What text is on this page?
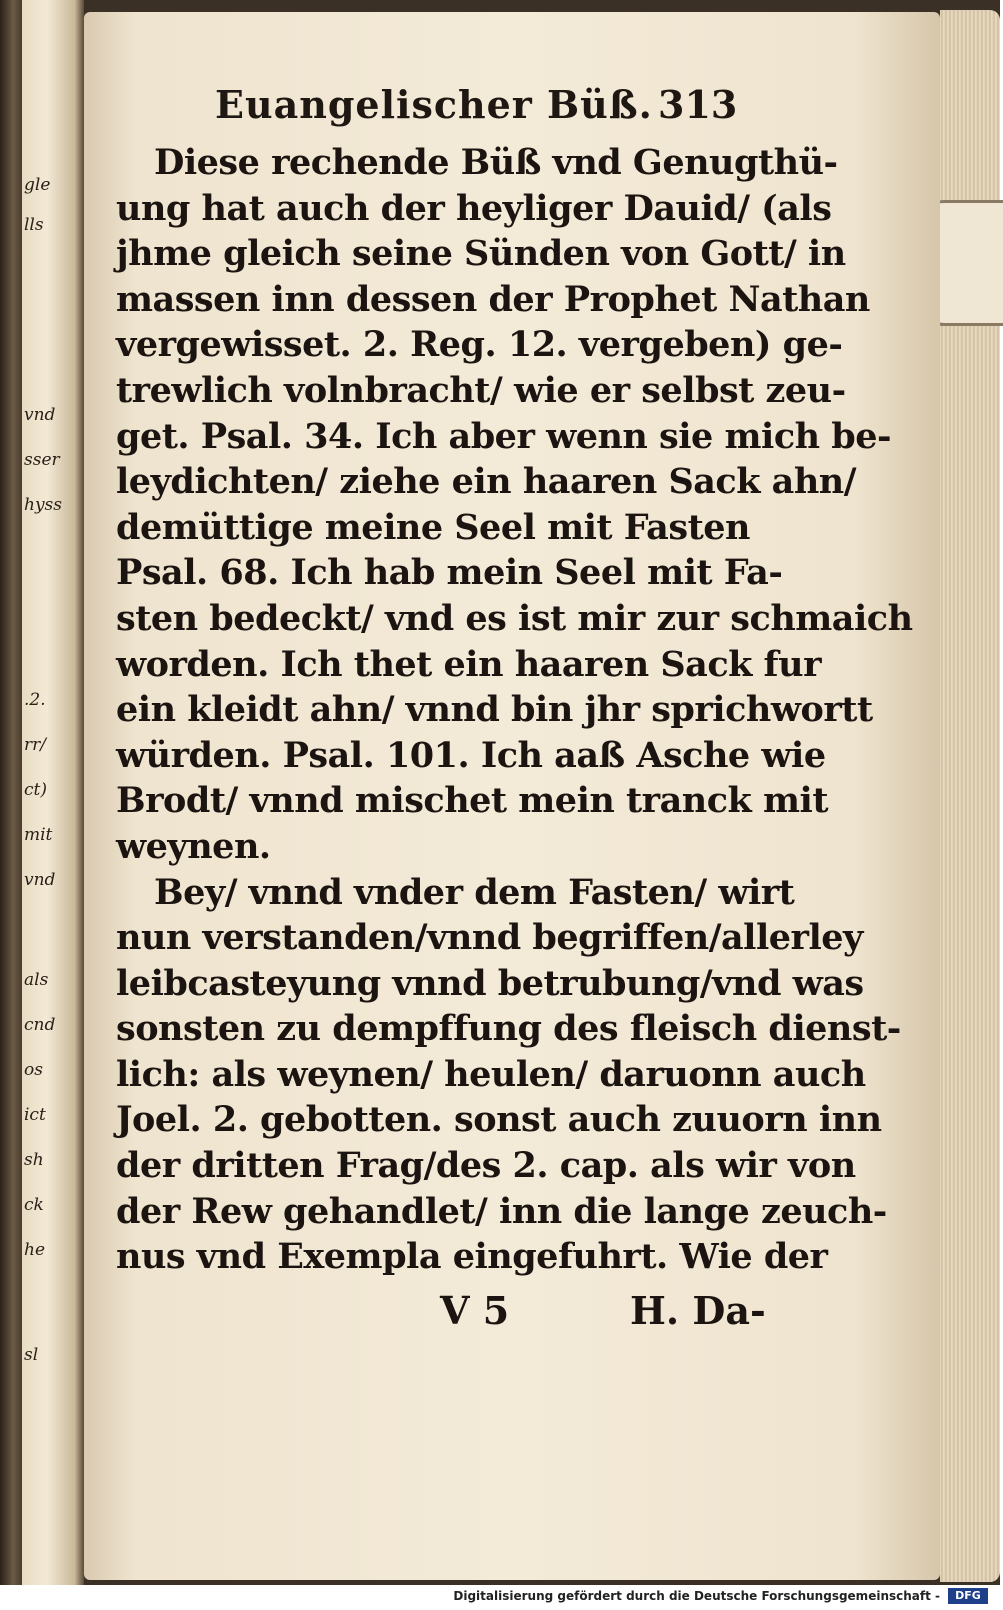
gle
lls
vnd
sser
hyss
.2.
rr/
ct)
mit
vnd
als
cnd
os
ict
sh
ck
he
sl
Euangelischer Büß. 313
Diese rechende Büß vnd Genugthü-
ung hat auch der heyliger Dauid/ (als
jhme gleich seine Sünden von Gott/ in
massen inn dessen der Prophet Nathan
vergewisset. 2. Reg. 12. vergeben) ge-
trewlich volnbracht/ wie er selbst zeu-
get. Psal. 34. Ich aber wenn sie mich be-
leydichten/ ziehe ein haaren Sack ahn/
demüttige meine Seel mit Fasten
Psal. 68. Ich hab mein Seel mit Fa-
sten bedeckt/ vnd es ist mir zur schmaich
worden. Ich thet ein haaren Sack fur
ein kleidt ahn/ vnnd bin jhr sprichwortt
würden. Psal. 101. Ich aaß Asche wie
Brodt/ vnnd mischet mein tranck mit
weynen.
Bey/ vnnd vnder dem Fasten/ wirt
nun verstanden/vnnd begriffen/allerley
leibcasteyung vnnd betrubung/vnd was
sonsten zu dempffung des fleisch dienst-
lich: als weynen/ heulen/ daruonn auch
Joel. 2. gebotten. sonst auch zuuorn inn
der dritten Frag/des 2. cap. als wir von
der Rew gehandlet/ inn die lange zeuch-
nus vnd Exempla eingefuhrt. Wie der
V 5	H. Da-
Digitalisierung gefördert durch die Deutsche Forschungsgemeinschaft -	DFG
